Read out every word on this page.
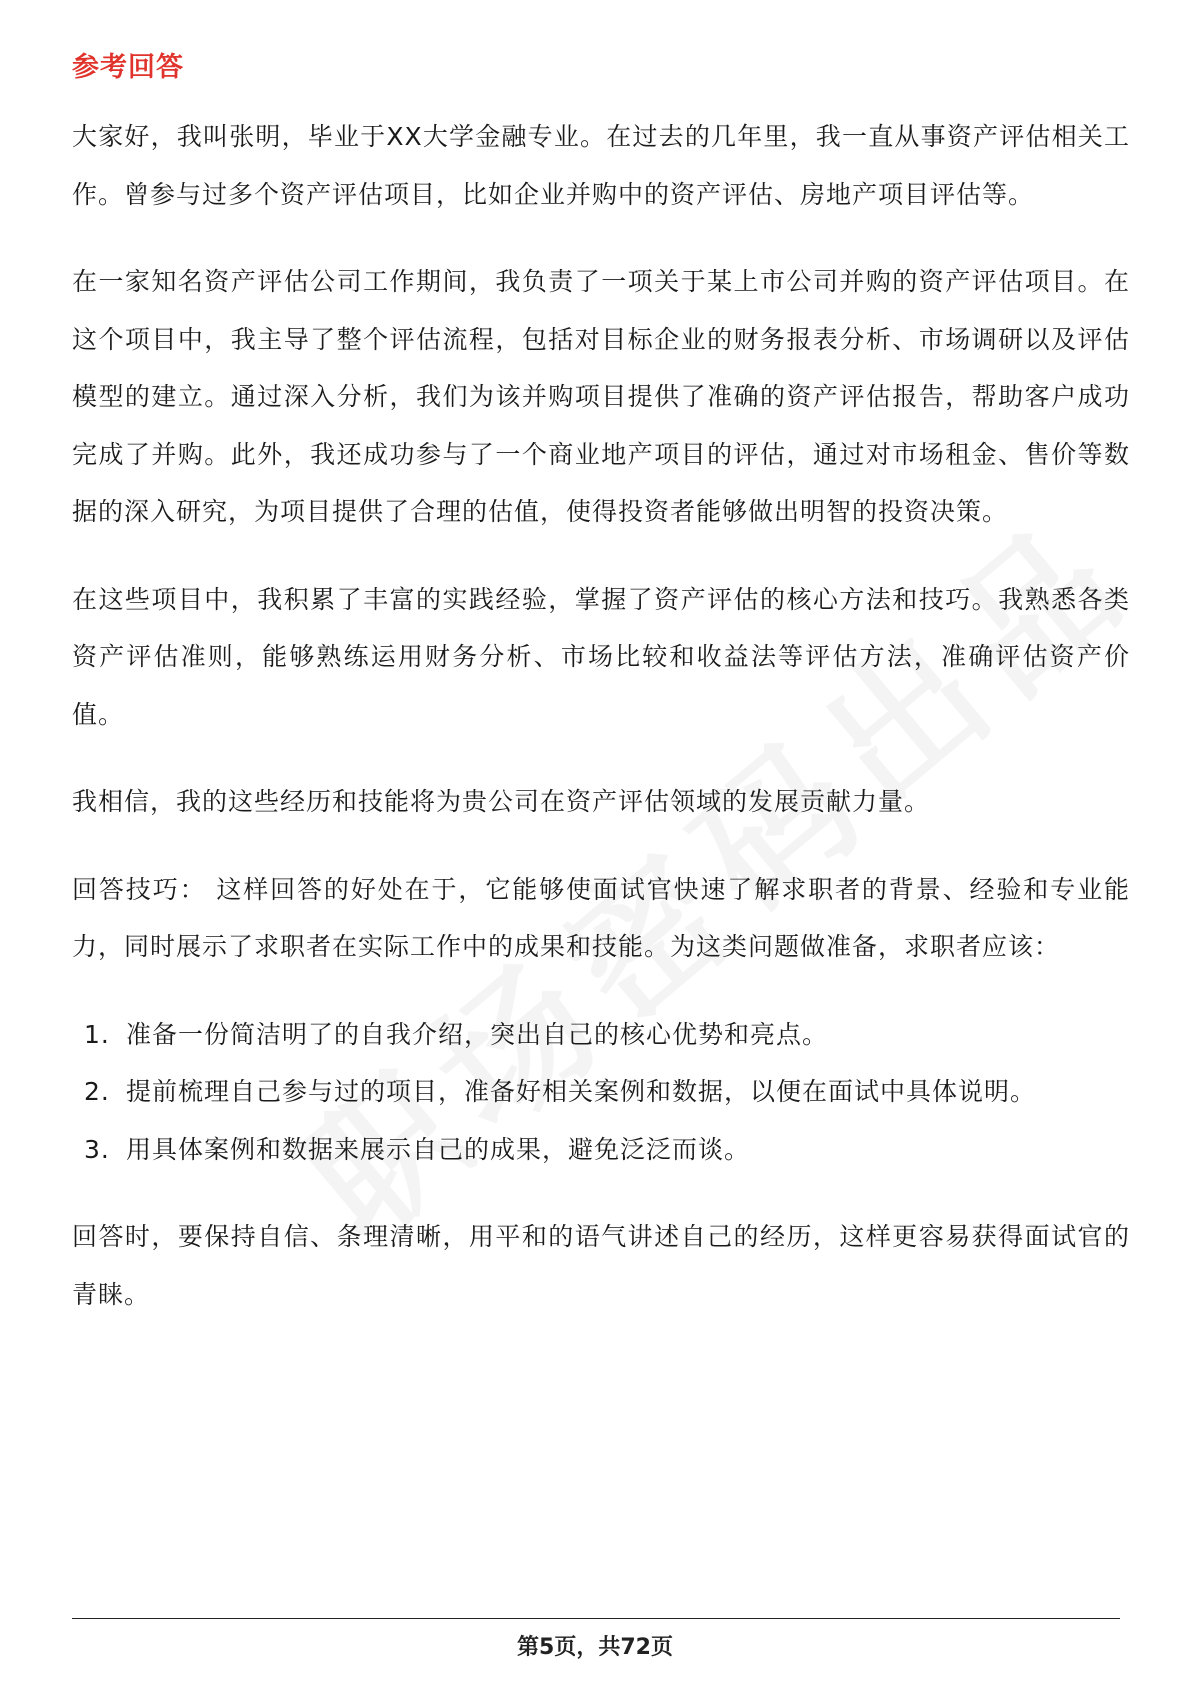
参考回答

大家好，我叫张明，毕业于XX大学金融专业。在过去的几年里，我一直从事资产评估相关工作。曾参与过多个资产评估项目，比如企业并购中的资产评估、房地产项目评估等。

在一家知名资产评估公司工作期间，我负责了一项关于某上市公司并购的资产评估项目。在这个项目中，我主导了整个评估流程，包括对目标企业的财务报表分析、市场调研以及评估模型的建立。通过深入分析，我们为该并购项目提供了准确的资产评估报告，帮助客户成功完成了并购。此外，我还成功参与了一个商业地产项目的评估，通过对市场租金、售价等数据的深入研究，为项目提供了合理的估值，使得投资者能够做出明智的投资决策。

在这些项目中，我积累了丰富的实践经验，掌握了资产评估的核心方法和技巧。我熟悉各类资产评估准则，能够熟练运用财务分析、市场比较和收益法等评估方法，准确评估资产价值。

我相信，我的这些经历和技能将为贵公司在资产评估领域的发展贡献力量。

回答技巧： 这样回答的好处在于，它能够使面试官快速了解求职者的背景、经验和专业能力，同时展示了求职者在实际工作中的成果和技能。为这类问题做准备，求职者应该：

1. 准备一份简洁明了的自我介绍，突出自己的核心优势和亮点。
2. 提前梳理自己参与过的项目，准备好相关案例和数据，以便在面试中具体说明。
3. 用具体案例和数据来展示自己的成果，避免泛泛而谈。

回答时，要保持自信、条理清晰，用平和的语气讲述自己的经历，这样更容易获得面试官的青睐。

第5页，共72页
